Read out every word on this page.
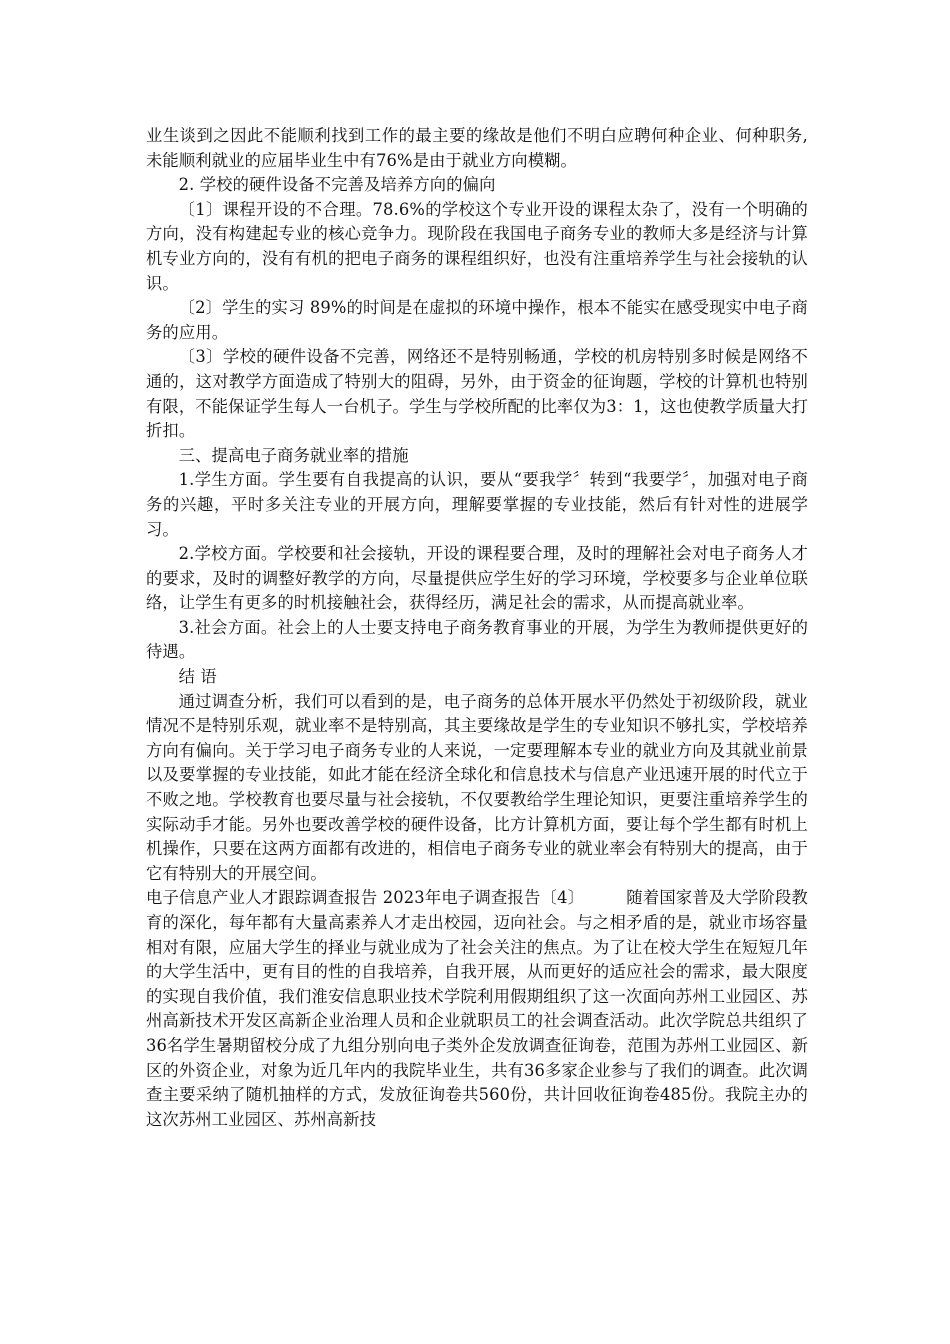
业生谈到之因此不能顺利找到工作的最主要的缘故是他们不明白应聘何种企业、何种职务,未能顺利就业的应届毕业生中有76%是由于就业方向模糊。

2. 学校的硬件设备不完善及培养方向的偏向

〔1〕课程开设的不合理。78.6%的学校这个专业开设的课程太杂了，没有一个明确的方向，没有构建起专业的核心竞争力。现阶段在我国电子商务专业的教师大多是经济与计算机专业方向的，没有有机的把电子商务的课程组织好，也没有注重培养学生与社会接轨的认识。

〔2〕学生的实习 89%的时间是在虚拟的环境中操作，根本不能实在感受现实中电子商务的应用。

〔3〕学校的硬件设备不完善，网络还不是特别畅通，学校的机房特别多时候是网络不通的，这对教学方面造成了特别大的阻碍，另外，由于资金的征询题，学校的计算机也特别有限，不能保证学生每人一台机子。学生与学校所配的比率仅为3：1，这也使教学质量大打折扣。

三、提高电子商务就业率的措施

1.学生方面。学生要有自我提高的认识，要从“要我学〞转到“我要学〞，加强对电子商务的兴趣，平时多关注专业的开展方向，理解要掌握的专业技能，然后有针对性的进展学习。

2.学校方面。学校要和社会接轨，开设的课程要合理，及时的理解社会对电子商务人才的要求，及时的调整好教学的方向，尽量提供应学生好的学习环境，学校要多与企业单位联络，让学生有更多的时机接触社会，获得经历，满足社会的需求，从而提高就业率。

3.社会方面。社会上的人士要支持电子商务教育事业的开展，为学生为教师提供更好的待遇。

结 语

通过调查分析，我们可以看到的是，电子商务的总体开展水平仍然处于初级阶段，就业情况不是特别乐观，就业率不是特别高，其主要缘故是学生的专业知识不够扎实，学校培养方向有偏向。关于学习电子商务专业的人来说，一定要理解本专业的就业方向及其就业前景以及要掌握的专业技能，如此才能在经济全球化和信息技术与信息产业迅速开展的时代立于不败之地。学校教育也要尽量与社会接轨，不仅要教给学生理论知识，更要注重培养学生的实际动手才能。另外也要改善学校的硬件设备，比方计算机方面，要让每个学生都有时机上机操作，只要在这两方面都有改进的，相信电子商务专业的就业率会有特别大的提高，由于它有特别大的开展空间。

电子信息产业人才跟踪调查报告 2023年电子调查报告〔4〕	随着国家普及大学阶段教育的深化，每年都有大量高素养人才走出校园，迈向社会。与之相矛盾的是，就业市场容量相对有限，应届大学生的择业与就业成为了社会关注的焦点。为了让在校大学生在短短几年的大学生活中，更有目的性的自我培养，自我开展，从而更好的适应社会的需求，最大限度的实现自我价值，我们淮安信息职业技术学院利用假期组织了这一次面向苏州工业园区、苏州高新技术开发区高新企业治理人员和企业就职员工的社会调查活动。此次学院总共组织了36名学生暑期留校分成了九组分别向电子类外企发放调查征询卷，范围为苏州工业园区、新区的外资企业，对象为近几年内的我院毕业生，共有36多家企业参与了我们的调查。此次调查主要采纳了随机抽样的方式，发放征询卷共560份，共计回收征询卷485份。我院主办的这次苏州工业园区、苏州高新技
